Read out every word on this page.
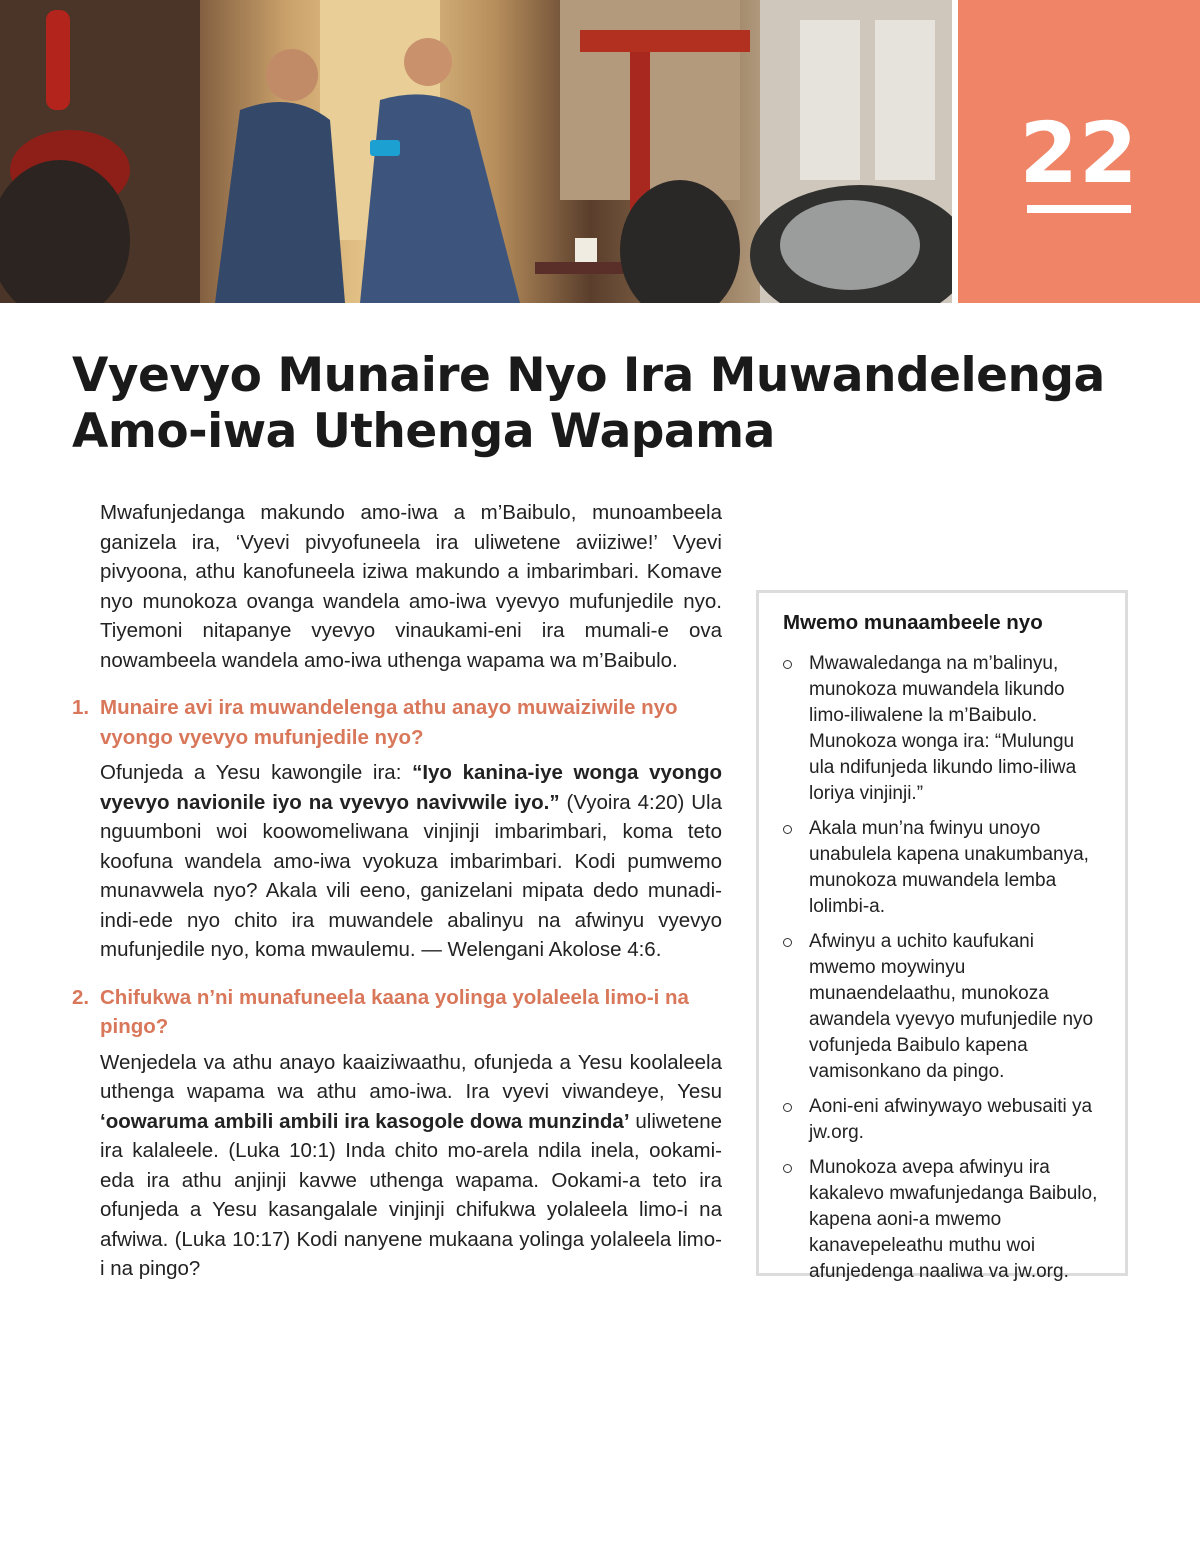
22
Vyevyo Munaire Nyo Ira Muwandelenga Amo-iwa Uthenga Wapama

Mwafunjedanga makundo amo-iwa a m’Baibulo, munoambeela ganizela ira, ‘Vyevi pivyofuneela ira uliwetene aviiziwe!’ Vyevi pivyoona, athu kanofuneela iziwa makundo a imbarimbari. Komave nyo munokoza ovanga wandela amo-iwa vyevyo mufunjedile nyo. Tiyemoni nitapanye vyevyo vinaukami-eni ira mumali-e ova nowambeela wandela amo-iwa uthenga wapama wa m’Baibulo.

1. Munaire avi ira muwandelenga athu anayo muwaiziwile nyo vyongo vyevyo mufunjedile nyo?

Ofunjeda a Yesu kawongile ira: “Iyo kanina-iye wonga vyongo vyevyo navionile iyo na vyevyo navivwile iyo.” (Vyoira 4:20) Ula nguumboni woi koowomeliwana vinjinji imbarimbari, koma teto koofuna wandela amo-iwa vyokuza imbarimbari. Kodi pumwemo munavwela nyo? Akala vili eeno, ganizelani mipata dedo munadi-indi-ede nyo chito ira muwandele abalinyu na afwinyu vyevyo mufunjedile nyo, koma mwaulemu. — Welengani Akolose 4:6.

2. Chifukwa n’ni munafuneela kaana yolinga yolaleela limo-i na pingo?

Wenjedela va athu anayo kaaiziwaathu, ofunjeda a Yesu koolaleela uthenga wapama wa athu amo-iwa. Ira vyevi viwandeye, Yesu ‘oowaruma ambili ambili ira kasogole dowa munzinda’ uliwetene ira kalaleele. (Luka 10:1) Inda chito mo-arela ndila inela, ookami-eda ira athu anjinji kavwe uthenga wapama. Ookami-a teto ira ofunjeda a Yesu kasangalale vinjinji chifukwa yolaleela limo-i na afwiwa. (Luka 10:17) Kodi nanyene mukaana yolinga yolaleela limo-i na pingo?

Mwemo munaambeele nyo
Mwawaledanga na m’balinyu, munokoza muwandela likundo limo-iliwalene la m’Baibulo. Munokoza wonga ira: “Mulungu ula ndifunjeda likundo limo-iliwa loriya vinjinji.”
Akala mun’na fwinyu unoyo unabulela kapena unakumbanya, munokoza muwandela lemba lolimbi-a.
Afwinyu a uchito kaufukani mwemo moywinyu munaendelaathu, munokoza awandela vyevyo mufunjedile nyo vofunjeda Baibulo kapena vamisonkano da pingo.
Aoni-eni afwinywayo webusaiti ya jw.org.
Munokoza avepa afwinyu ira kakalevo mwafunjedanga Baibulo, kapena aoni-a mwemo kanavepeleathu muthu woi afunjedenga naaliwa va jw.org.
